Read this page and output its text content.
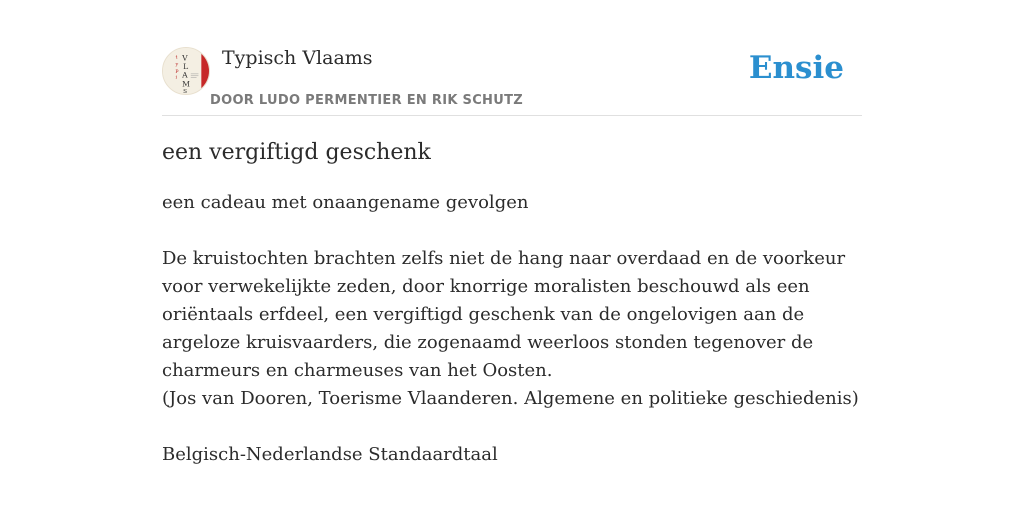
t
y
p
i
V
L
A
M
S
Typisch Vlaams
DOOR LUDO PERMENTIER EN RIK SCHUTZ
Ensie
een vergiftigd geschenk
een cadeau met onaangename gevolgen
De kruistochten brachten zelfs niet de hang naar overdaad en de voorkeur voor verwekelijkte zeden, door knorrige moralisten beschouwd als een oriëntaals erfdeel, een vergiftigd geschenk van de ongelovigen aan de argeloze kruisvaarders, die zogenaamd weerloos stonden tegenover de charmeurs en charmeuses van het Oosten.
(Jos van Dooren, Toerisme Vlaanderen. Algemene en politieke geschiedenis)
Belgisch-Nederlandse Standaardtaal
